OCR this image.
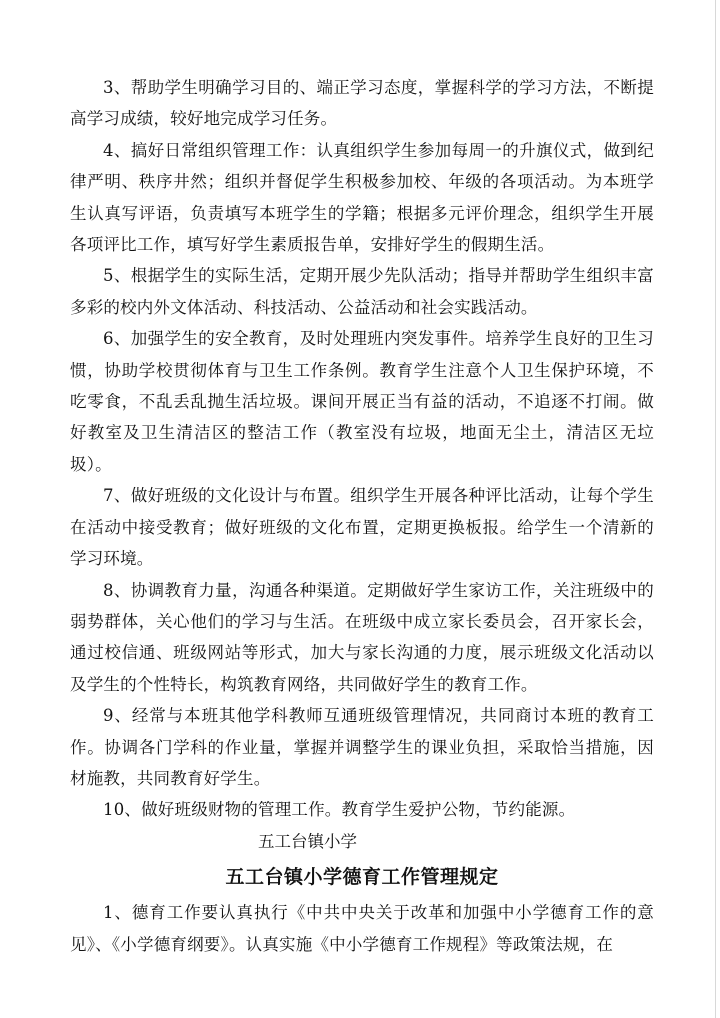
3、帮助学生明确学习目的、端正学习态度，掌握科学的学习方法，不断提高学习成绩，较好地完成学习任务。

4、搞好日常组织管理工作：认真组织学生参加每周一的升旗仪式，做到纪律严明、秩序井然；组织并督促学生积极参加校、年级的各项活动。为本班学生认真写评语，负责填写本班学生的学籍；根据多元评价理念，组织学生开展各项评比工作，填写好学生素质报告单，安排好学生的假期生活。

5、根据学生的实际生活，定期开展少先队活动；指导并帮助学生组织丰富多彩的校内外文体活动、科技活动、公益活动和社会实践活动。

6、加强学生的安全教育，及时处理班内突发事件。培养学生良好的卫生习惯，协助学校贯彻体育与卫生工作条例。教育学生注意个人卫生保护环境，不吃零食，不乱丢乱抛生活垃圾。课间开展正当有益的活动，不追逐不打闹。做好教室及卫生清洁区的整洁工作（教室没有垃圾，地面无尘土，清洁区无垃圾）。

7、做好班级的文化设计与布置。组织学生开展各种评比活动，让每个学生在活动中接受教育；做好班级的文化布置，定期更换板报。给学生一个清新的学习环境。

8、协调教育力量，沟通各种渠道。定期做好学生家访工作，关注班级中的弱势群体，关心他们的学习与生活。在班级中成立家长委员会，召开家长会，通过校信通、班级网站等形式，加大与家长沟通的力度，展示班级文化活动以及学生的个性特长，构筑教育网络，共同做好学生的教育工作。

9、经常与本班其他学科教师互通班级管理情况，共同商讨本班的教育工作。协调各门学科的作业量，掌握并调整学生的课业负担，采取恰当措施，因材施教，共同教育好学生。

10、做好班级财物的管理工作。教育学生爱护公物，节约能源。

五工台镇小学

五工台镇小学德育工作管理规定

1、德育工作要认真执行《中共中央关于改革和加强中小学德育工作的意见》、《小学德育纲要》。认真实施《中小学德育工作规程》等政策法规，在
